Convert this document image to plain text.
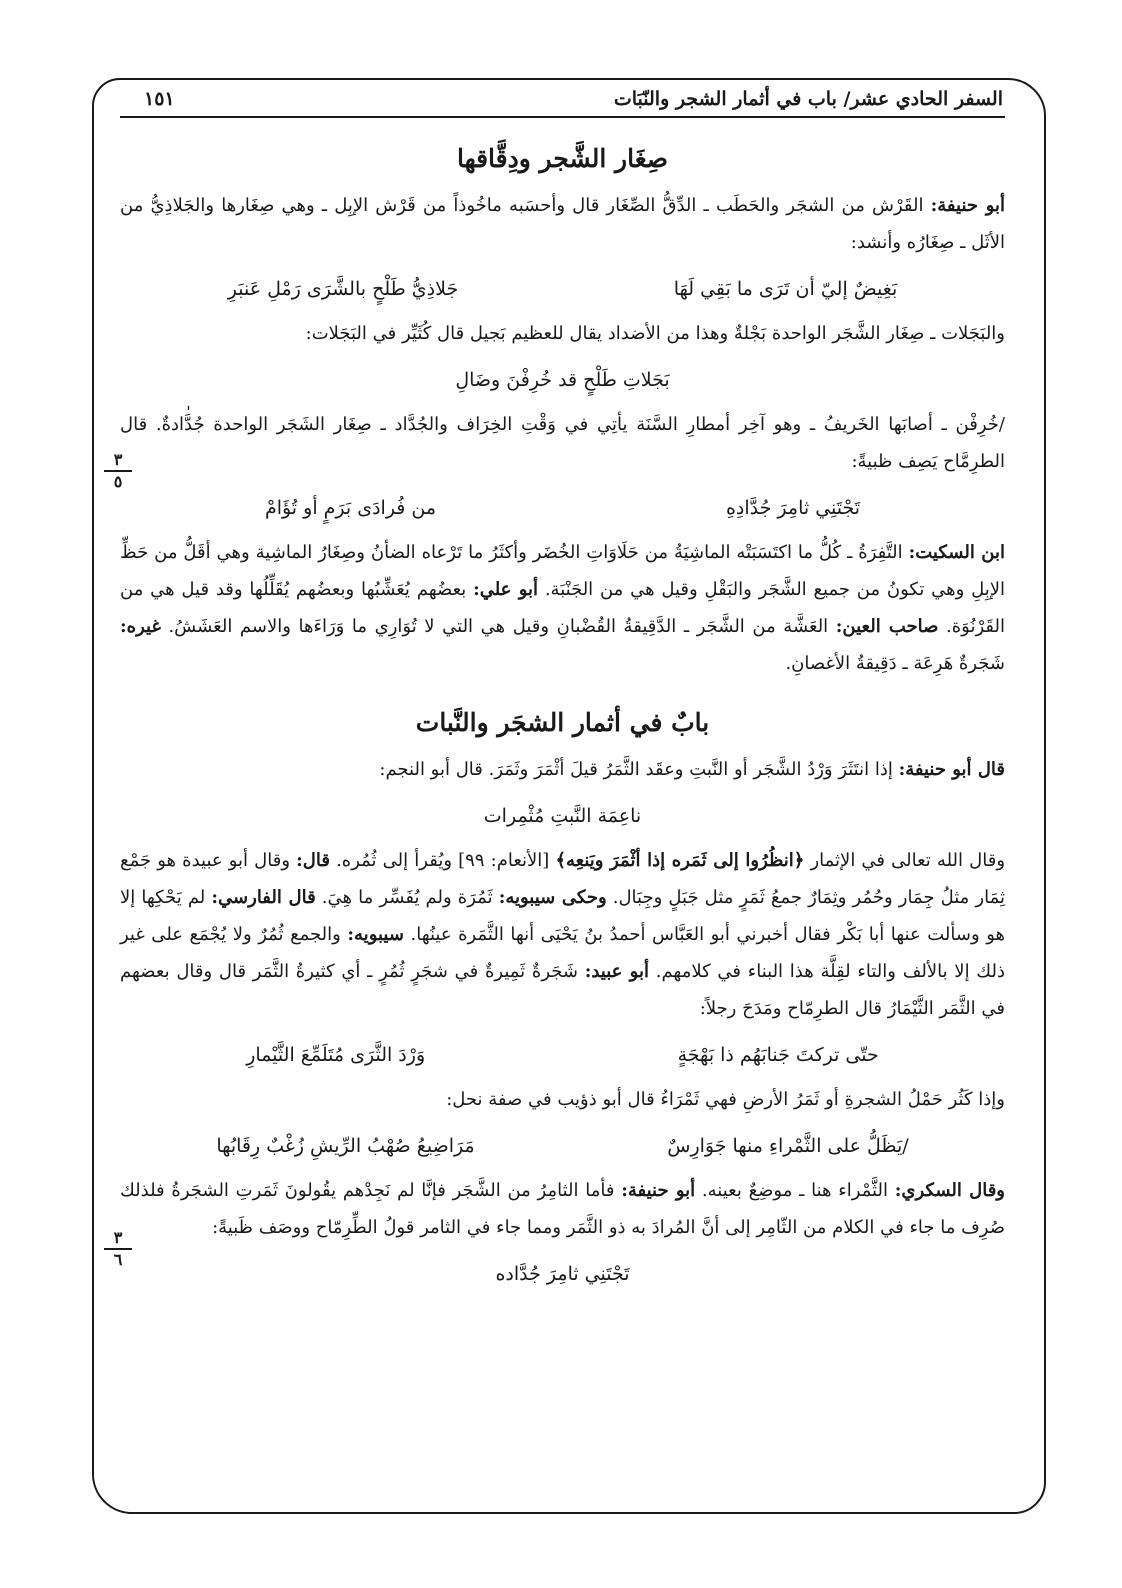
٣
٥
٣
٦
ˌ
السفر الحادي عشر/ باب في أثمار الشجر والنّبَات
١٥١
صِغَار الشَّجر ودِقَّاقها

أبو حنيفة: القَرْش من الشجَر والحَطَب ـ الدِّقُّ الصِّغَار قال وأحسَبه ماخُوذاً من قَرْش الإبِل ـ وهي صِغَارها والجَلاذِيُّ من الأثَل ـ صِغَارُه وأنشد:

بَغِيضٌ إليّ أن تَرَى ما بَقِي لَهَا
جَلاذِيُّ طَلْحٍ بالشَّرَى رَمْلِ عَنبَرِ

والبَجَلات ـ صِغَار الشَّجَر الواحدة بَجْلةٌ وهذا من الأضداد يقال للعظيم بَجيل قال كُثَيِّر في البَجَلات:

بَجَلاتِ طَلْحٍ قد خُرِفْنَ وضَالِ

/خُرِفْن ـ أصابَها الخَريفُ ـ وهو آخِر أمطارِ السَّنَة يأتِي في وَقْتِ الخِرَاف والجُدَّاد ـ صِغَار الشَجَر الواحدة جُدَّادةٌ. قال الطرِمَّاح يَصِف ظبيةً:

تَجْتَنِي ثامِرَ جُدَّادِهِ
من فُرادَى بَرَمٍ أو تُؤَامْ

ابن السكيت: التَّفِرَةُ ـ كُلُّ ما اكتَسَبَتْه الماشِيَةُ من حَلَاوَاتِ الخُضَر وأكثَرُ ما تَرْعاه الضأنُ وصِغَارُ الماشِية وهي أقَلُّ من حَظِّ الإبِلِ وهي تكونُ من جميع الشَّجَر والبَقْلِ وقيل هي من الجَنْبَة. أبو علي: بعضُهم يُعَشِّبُها وبعضُهم يُقَلِّلُها وقد قيل هي من القَرْنُوَة. صاحب العين: العَشَّة من الشَّجَر ـ الدَّقِيقةُ القُضْبانِ وقيل هي التي لا تُوَارِي ما وَرَاءَها والاسم العَشَشُ. غيره: شَجَرةٌ هَرِعَة ـ دَقِيقةُ الأغصانِ.

بابٌ في أثمار الشجَر والنَّبات

قال أبو حنيفة: إذا انتَثَرَ وَرْدُ الشَّجَر أو النَّبتِ وعقَد الثَّمَرُ قيلَ أثْمَرَ وثَمَرَ. قال أبو النجم:

ناعِمَة النَّبتِ مُثْمِرات

وقال الله تعالى في الإثمار ﴿انظُرُوا إلى ثَمَره إذا أثْمَرَ ويَنعِه﴾ [الأنعام: ٩٩] ويُقرأ إلى ثُمُره. قال: وقال أبو عبيدة هو جَمْع ثِمَار مثلُ جِمَار وحُمُر وثِمَارٌ جمعُ ثَمَرٍ مثل جَبَلٍ وجِبَال. وحكى سيبويه: ثَمُرَة ولم يُفَسِّر ما هِيَ. قال الفارسي: لم يَحْكِها إلا هو وسألت عنها أبا بَكْر فقال أخبرني أبو العَبَّاس أحمدُ بنُ يَحْيَى أنها الثَّمَرة عينُها. سيبويه: والجمع ثُمُرٌ ولا يُجْمَع على غير ذلك إلا بالألف والتاء لقِلَّة هذا البناء في كلامهم. أبو عبيد: شَجَرةٌ ثَمِيرةٌ في شجَرٍ ثُمُرٍ ـ أي كثيرةُ الثَّمَر قال وقال بعضهم في الثَّمَر الثَّيْمَارُ قال الطرِمّاح ومَدَحَ رجلاً:

حتّى تركتَ جَنابَهُم ذا بَهْجَةٍ
وَرْدَ الثَّرَى مُتَلَمِّعَ الثَّيْمارِ

وإذا كَثُر حَمْلُ الشجرةِ أو ثَمَرُ الأرضِ فهي ثَمْرَاءُ قال أبو ذؤيب في صفة نحل:

/يَظَلُّ على الثَّمْراءِ منها جَوَارِسٌ
مَرَاضِيعُ صُهْبُ الرِّيشِ زُغْبٌ رِقَابُها

وقال السكري: الثَّمْراء هنا ـ موضِعٌ بعينه. أبو حنيفة: فأما الثامِرُ من الشَّجَر فإنَّا لم نَجِدْهم يقُولونَ ثَمَرتِ الشجَرةُ فلذلك صُرِف ما جاء في الكلام من الثّامِر إلى أنَّ المُرادَ به ذو الثَّمَر ومما جاء في الثامر قولُ الطِّرِمّاح ووصَف ظَبيةً:

تَجْتَنِي ثامِرَ جُدَّاده
